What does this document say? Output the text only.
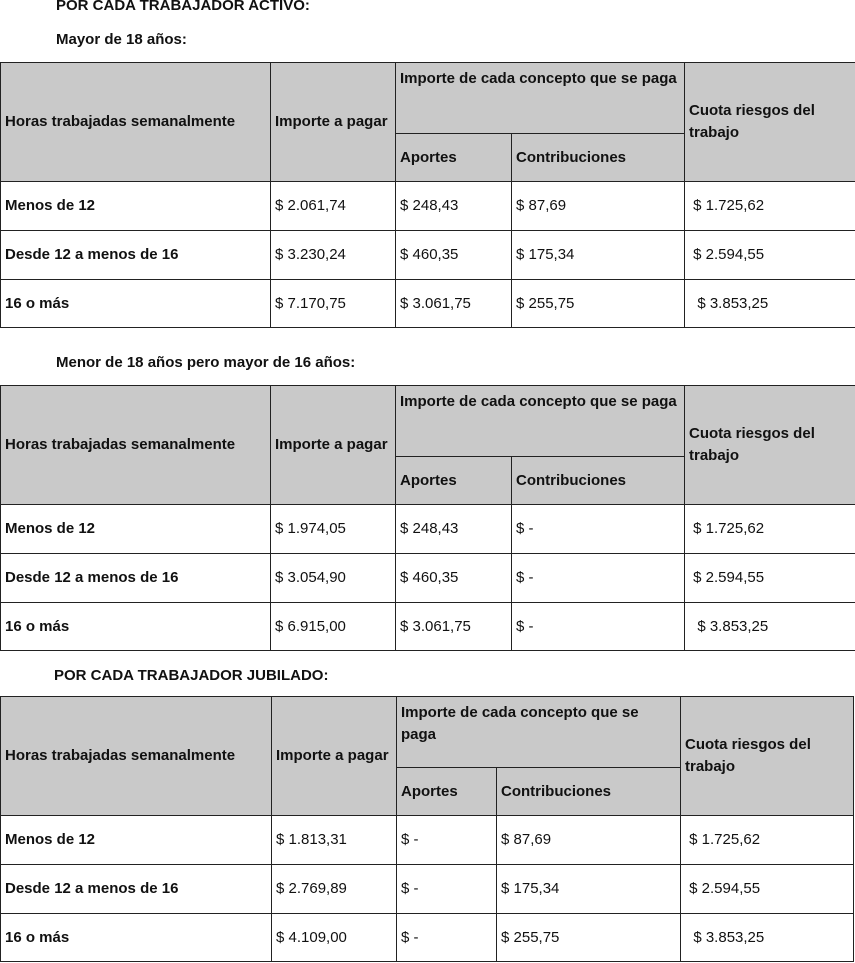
POR CADA TRABAJADOR ACTIVO:
Mayor de 18 años:
Horas trabajadas semanalmente	Importe a pagar	Importe de cada concepto que se paga		Cuota riesgos del trabajo
		Aportes	Contribuciones	
Menos de 12	$ 2.061,74	$ 248,43	$ 87,69	$ 1.725,62
Desde 12 a menos de 16	$ 3.230,24	$ 460,35	$ 175,34	$ 2.594,55
16 o más	$ 7.170,75	$ 3.061,75	$ 255,75	$ 3.853,25
Menor de 18 años pero mayor de 16 años:
Horas trabajadas semanalmente	Importe a pagar	Importe de cada concepto que se paga		Cuota riesgos del trabajo
		Aportes	Contribuciones	
Menos de 12	$ 1.974,05	$ 248,43	$ -	$ 1.725,62
Desde 12 a menos de 16	$ 3.054,90	$ 460,35	$ -	$ 2.594,55
16 o más	$ 6.915,00	$ 3.061,75	$ -	$ 3.853,25
POR CADA TRABAJADOR JUBILADO:
Horas trabajadas semanalmente	Importe a pagar	Importe de cada concepto que se paga		Cuota riesgos del trabajo
		Aportes	Contribuciones	
Menos de 12	$ 1.813,31	$ -	$ 87,69	$ 1.725,62
Desde 12 a menos de 16	$ 2.769,89	$ -	$ 175,34	$ 2.594,55
16 o más	$ 4.109,00	$ -	$ 255,75	$ 3.853,25
